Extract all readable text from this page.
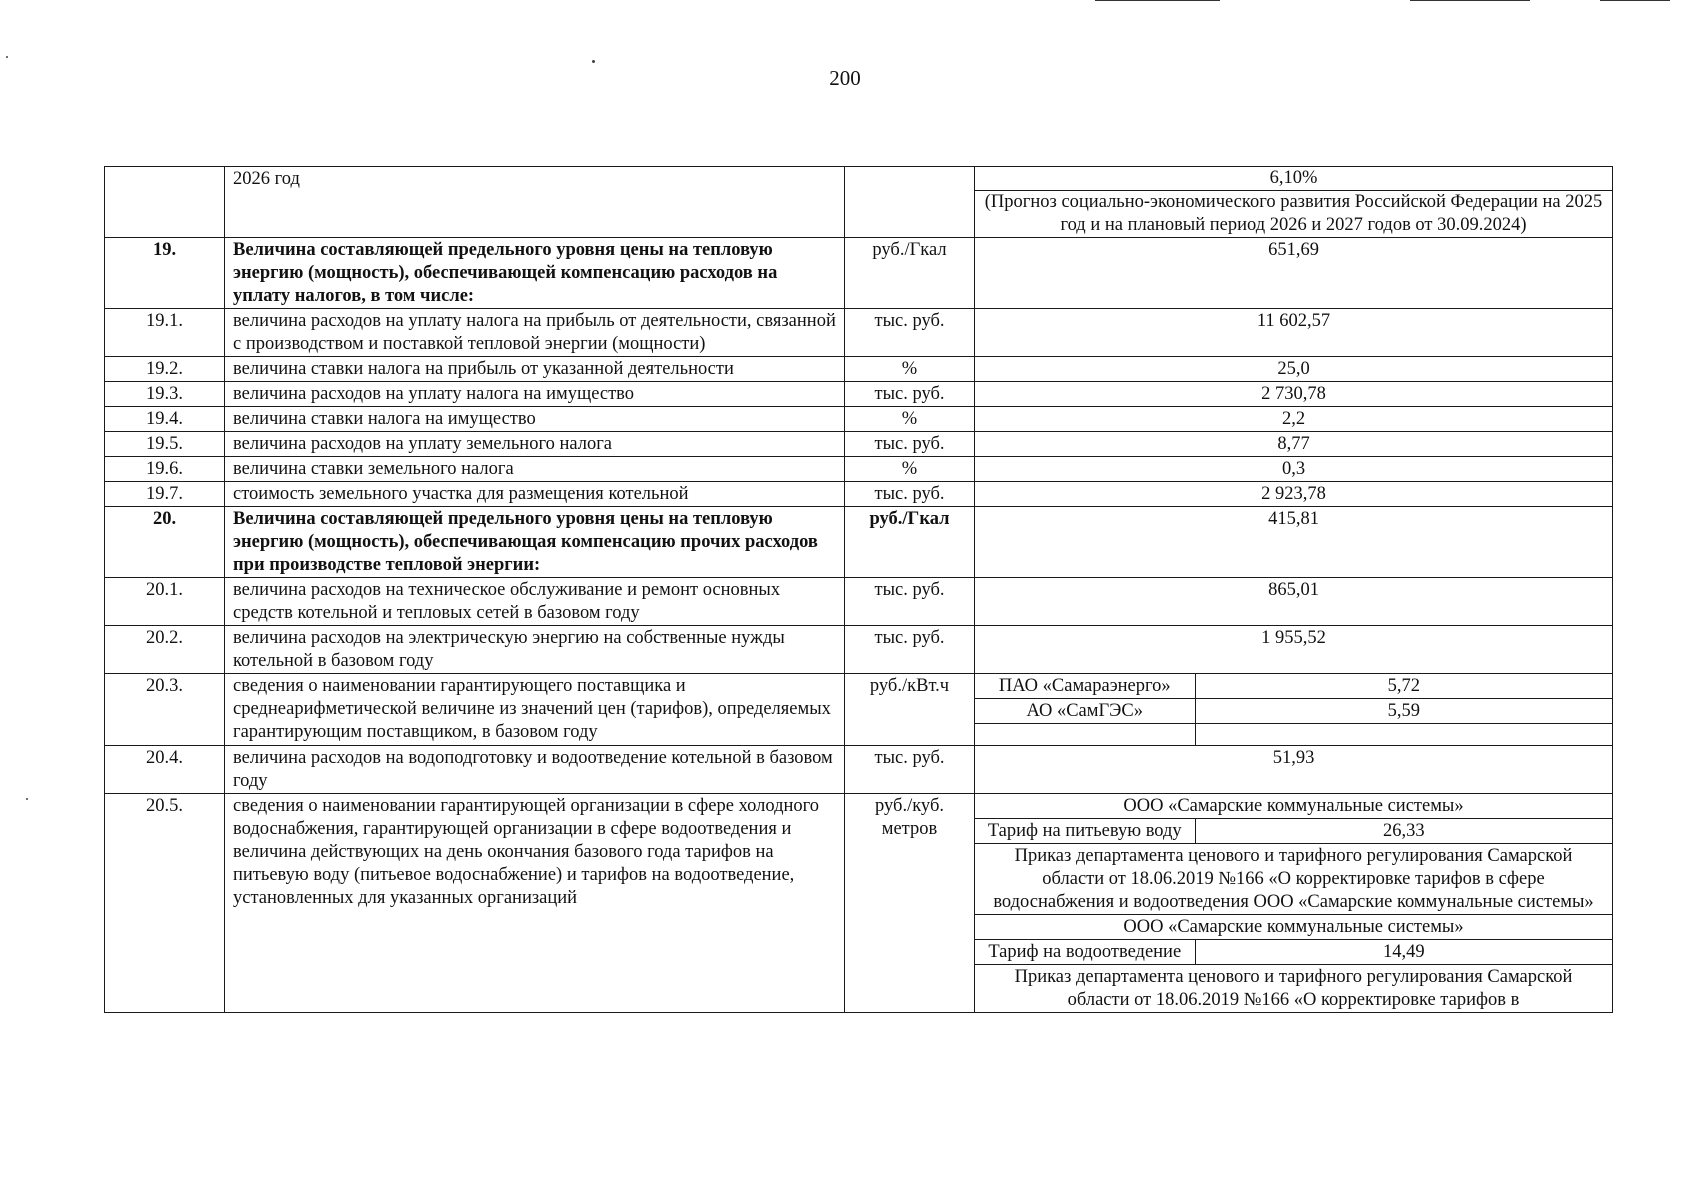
200
	2026 год		6,10%
(Прогноз социально-экономического развития Российской Федерации на 2025 год и на плановый период 2026 и 2027 годов от 30.09.2024)

19.	Величина составляющей предельного уровня цены на тепловую энергию (мощность), обеспечивающей компенсацию расходов на уплату налогов, в том числе:	руб./Гкал	651,69
19.1.	величина расходов на уплату налога на прибыль от деятельности, связанной с производством и поставкой тепловой энергии (мощности)	тыс. руб.	11 602,57
19.2.	величина ставки налога на прибыль от указанной деятельности	%	25,0
19.3.	величина расходов на уплату налога на имущество	тыс. руб.	2 730,78
19.4.	величина ставки налога на имущество	%	2,2
19.5.	величина расходов на уплату земельного налога	тыс. руб.	8,77
19.6.	величина ставки земельного налога	%	0,3
19.7.	стоимость земельного участка для размещения котельной	тыс. руб.	2 923,78
20.	Величина составляющей предельного уровня цены на тепловую энергию (мощность), обеспечивающая компенсацию прочих расходов при производстве тепловой энергии:	руб./Гкал	415,81
20.1.	величина расходов на техническое обслуживание и ремонт основных средств котельной и тепловых сетей в базовом году	тыс. руб.	865,01
20.2.	величина расходов на электрическую энергию на собственные нужды котельной в базовом году	тыс. руб.	1 955,52
20.3.	сведения о наименовании гарантирующего поставщика и среднеарифметической величине из значений цен (тарифов), определяемых гарантирующим поставщиком, в базовом году	руб./кВт.ч		ПАО «Самараэнерго»	5,72
АО «СамГЭС»	5,59

20.4.	величина расходов на водоподготовку и водоотведение котельной в базовом году	тыс. руб.	51,93
20.5.	сведения о наименовании гарантирующей организации в сфере холодного водоснабжения, гарантирующей организации в сфере водоотведения и величина действующих на день окончания базового года тарифов на питьевую воду (питьевое водоснабжение) и тарифов на водоотведение, установленных для указанных организаций	руб./куб. метров	
ООО «Самарские коммунальные системы»
Тариф на питьевую воду	26,33
Приказ департамента ценового и тарифного регулирования Самарской области от 18.06.2019 №166 «О корректировке тарифов в сфере водоснабжения и водоотведения ООО «Самарские коммунальные системы»
ООО «Самарские коммунальные системы»
Тариф на водоотведение	14,49
Приказ департамента ценового и тарифного регулирования Самарской области от 18.06.2019 №166 «О корректировке тарифов в
